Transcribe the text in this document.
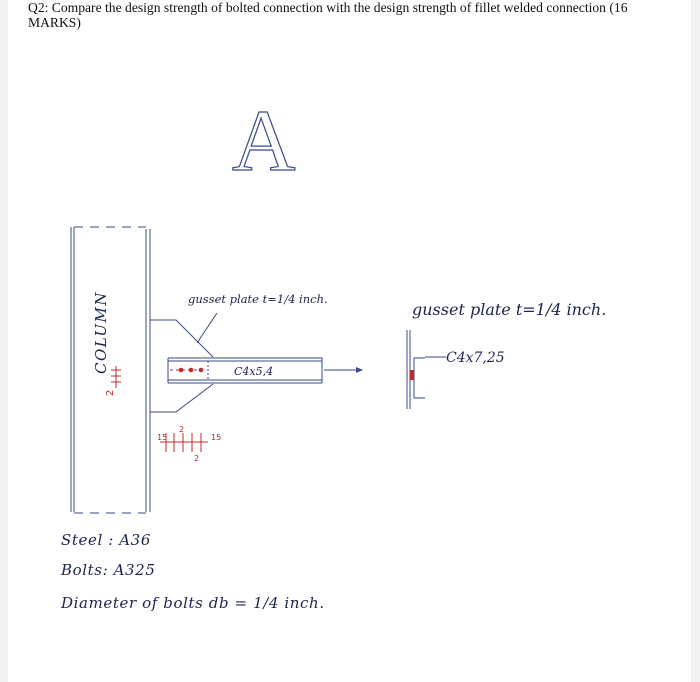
Q2: Compare the design strength of bolted connection with the design strength of fillet welded connection (16 MARKS)
A
COLUMN
2
gusset plate t=1/4 inch.
C4x5,4
15
2
2
15
gusset plate t=1/4 inch.
C4x7,25
Steel : A36
Bolts: A325
Diameter of bolts db = 1/4 inch.
